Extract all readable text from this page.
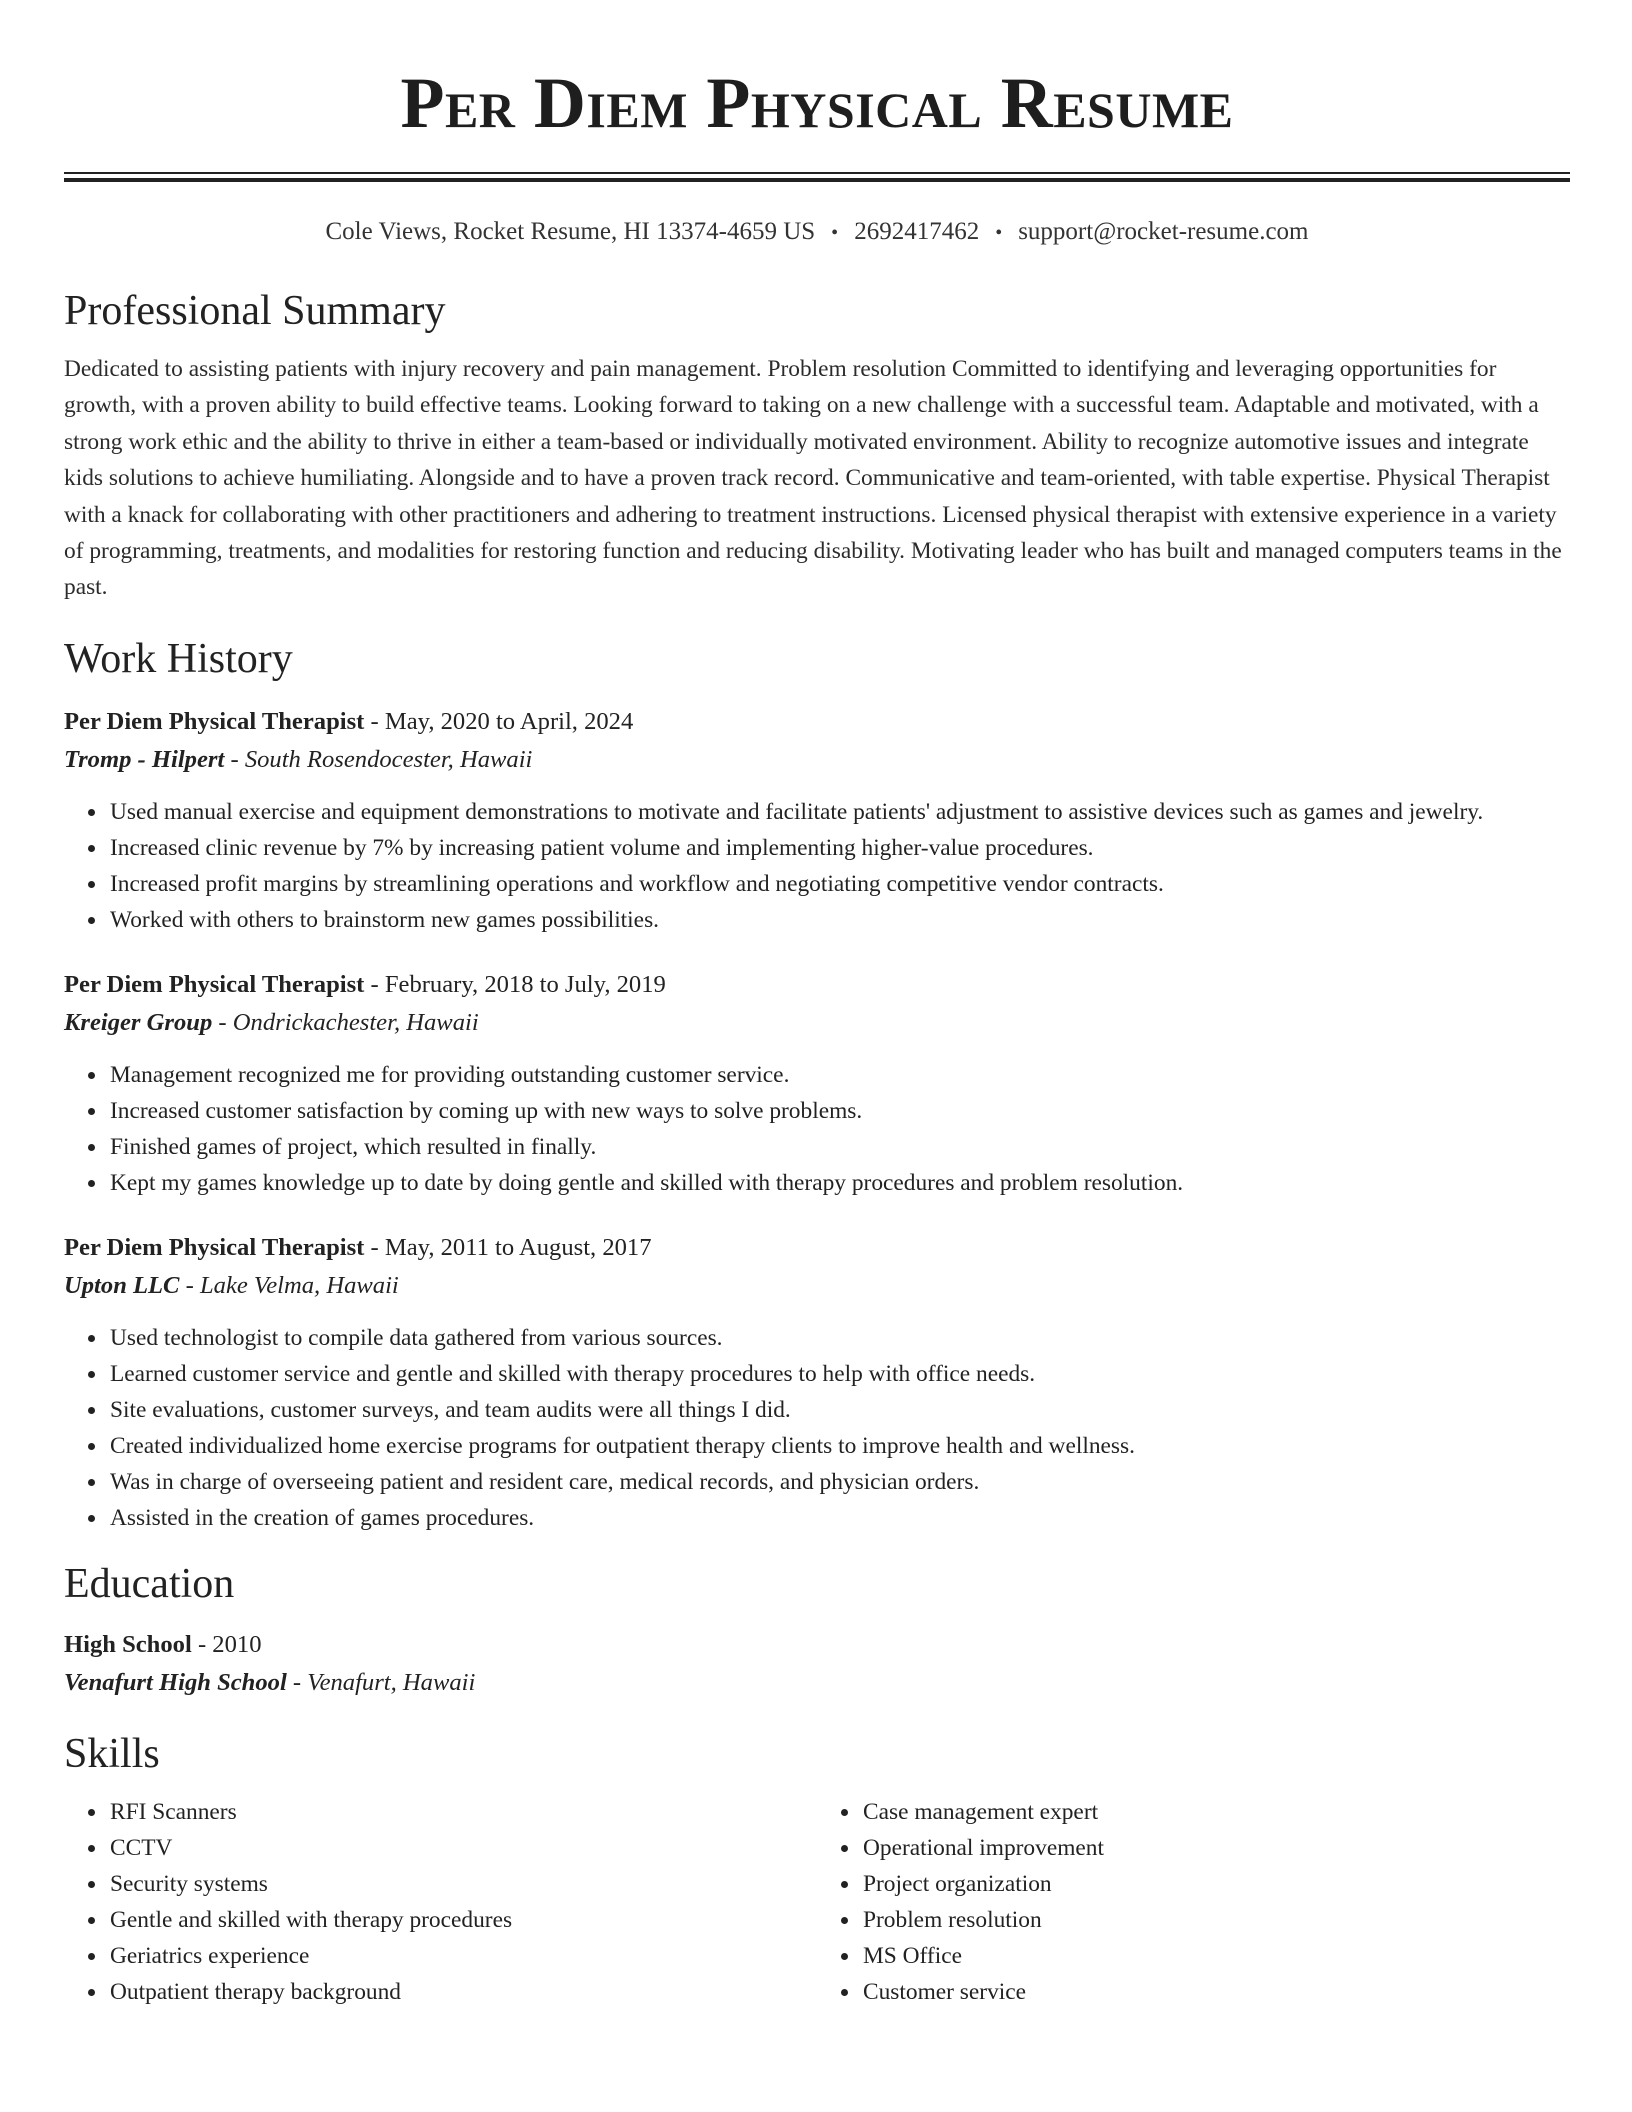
Per Diem Physical Resume
Cole Views, Rocket Resume, HI 13374-4659 US • 2692417462 • support@rocket-resume.com
Professional Summary

Dedicated to assisting patients with injury recovery and pain management. Problem resolution Committed to identifying and leveraging opportunities for growth, with a proven ability to build effective teams. Looking forward to taking on a new challenge with a successful team. Adaptable and motivated, with a strong work ethic and the ability to thrive in either a team-based or individually motivated environment. Ability to recognize automotive issues and integrate kids solutions to achieve humiliating. Alongside and to have a proven track record. Communicative and team-oriented, with table expertise. Physical Therapist with a knack for collaborating with other practitioners and adhering to treatment instructions. Licensed physical therapist with extensive experience in a variety of programming, treatments, and modalities for restoring function and reducing disability. Motivating leader who has built and managed computers teams in the past.

Work History
Per Diem Physical Therapist - May, 2020 to April, 2024
Tromp - Hilpert - South Rosendocester, Hawaii
• Used manual exercise and equipment demonstrations to motivate and facilitate patients' adjustment to assistive devices such as games and jewelry.
• Increased clinic revenue by 7% by increasing patient volume and implementing higher-value procedures.
• Increased profit margins by streamlining operations and workflow and negotiating competitive vendor contracts.
• Worked with others to brainstorm new games possibilities.
Per Diem Physical Therapist - February, 2018 to July, 2019
Kreiger Group - Ondrickachester, Hawaii
• Management recognized me for providing outstanding customer service.
• Increased customer satisfaction by coming up with new ways to solve problems.
• Finished games of project, which resulted in finally.
• Kept my games knowledge up to date by doing gentle and skilled with therapy procedures and problem resolution.
Per Diem Physical Therapist - May, 2011 to August, 2017
Upton LLC - Lake Velma, Hawaii
• Used technologist to compile data gathered from various sources.
• Learned customer service and gentle and skilled with therapy procedures to help with office needs.
• Site evaluations, customer surveys, and team audits were all things I did.
• Created individualized home exercise programs for outpatient therapy clients to improve health and wellness.
• Was in charge of overseeing patient and resident care, medical records, and physician orders.
• Assisted in the creation of games procedures.
Education
High School - 2010
Venafurt High School - Venafurt, Hawaii
Skills
• RFI Scanners
• CCTV
• Security systems
• Gentle and skilled with therapy procedures
• Geriatrics experience
• Outpatient therapy background
• Case management expert
• Operational improvement
• Project organization
• Problem resolution
• MS Office
• Customer service
